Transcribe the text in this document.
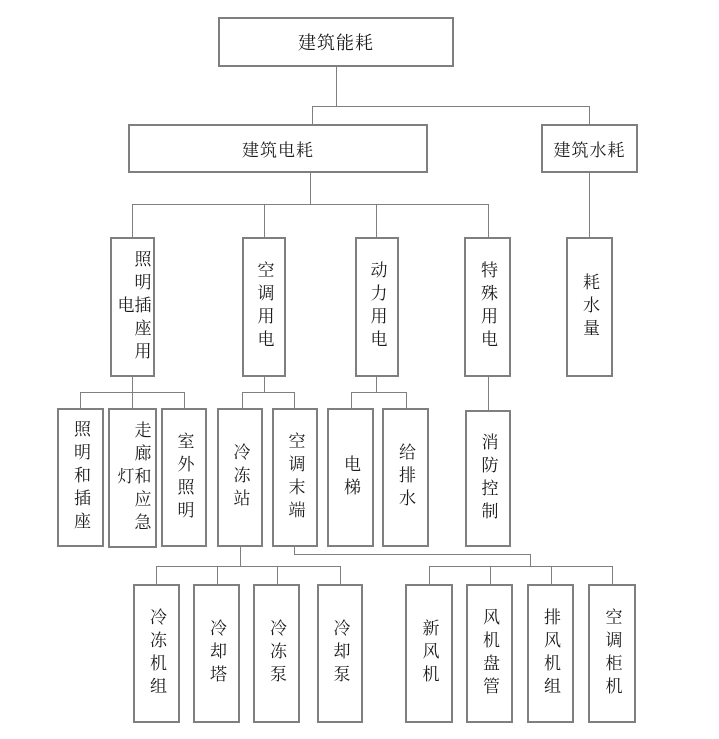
建筑能耗
建筑电耗	建筑水耗
照明插座用电	空调用电	动力用电	特殊用电	耗水量
照明和插座	走廊和应急灯	室外照明	冷冻站	空调末端	电梯	给排水	消防控制
冷冻机组	冷却塔	冷冻泵	冷却泵	新风机	风机盘管	排风机组	空调柜机
